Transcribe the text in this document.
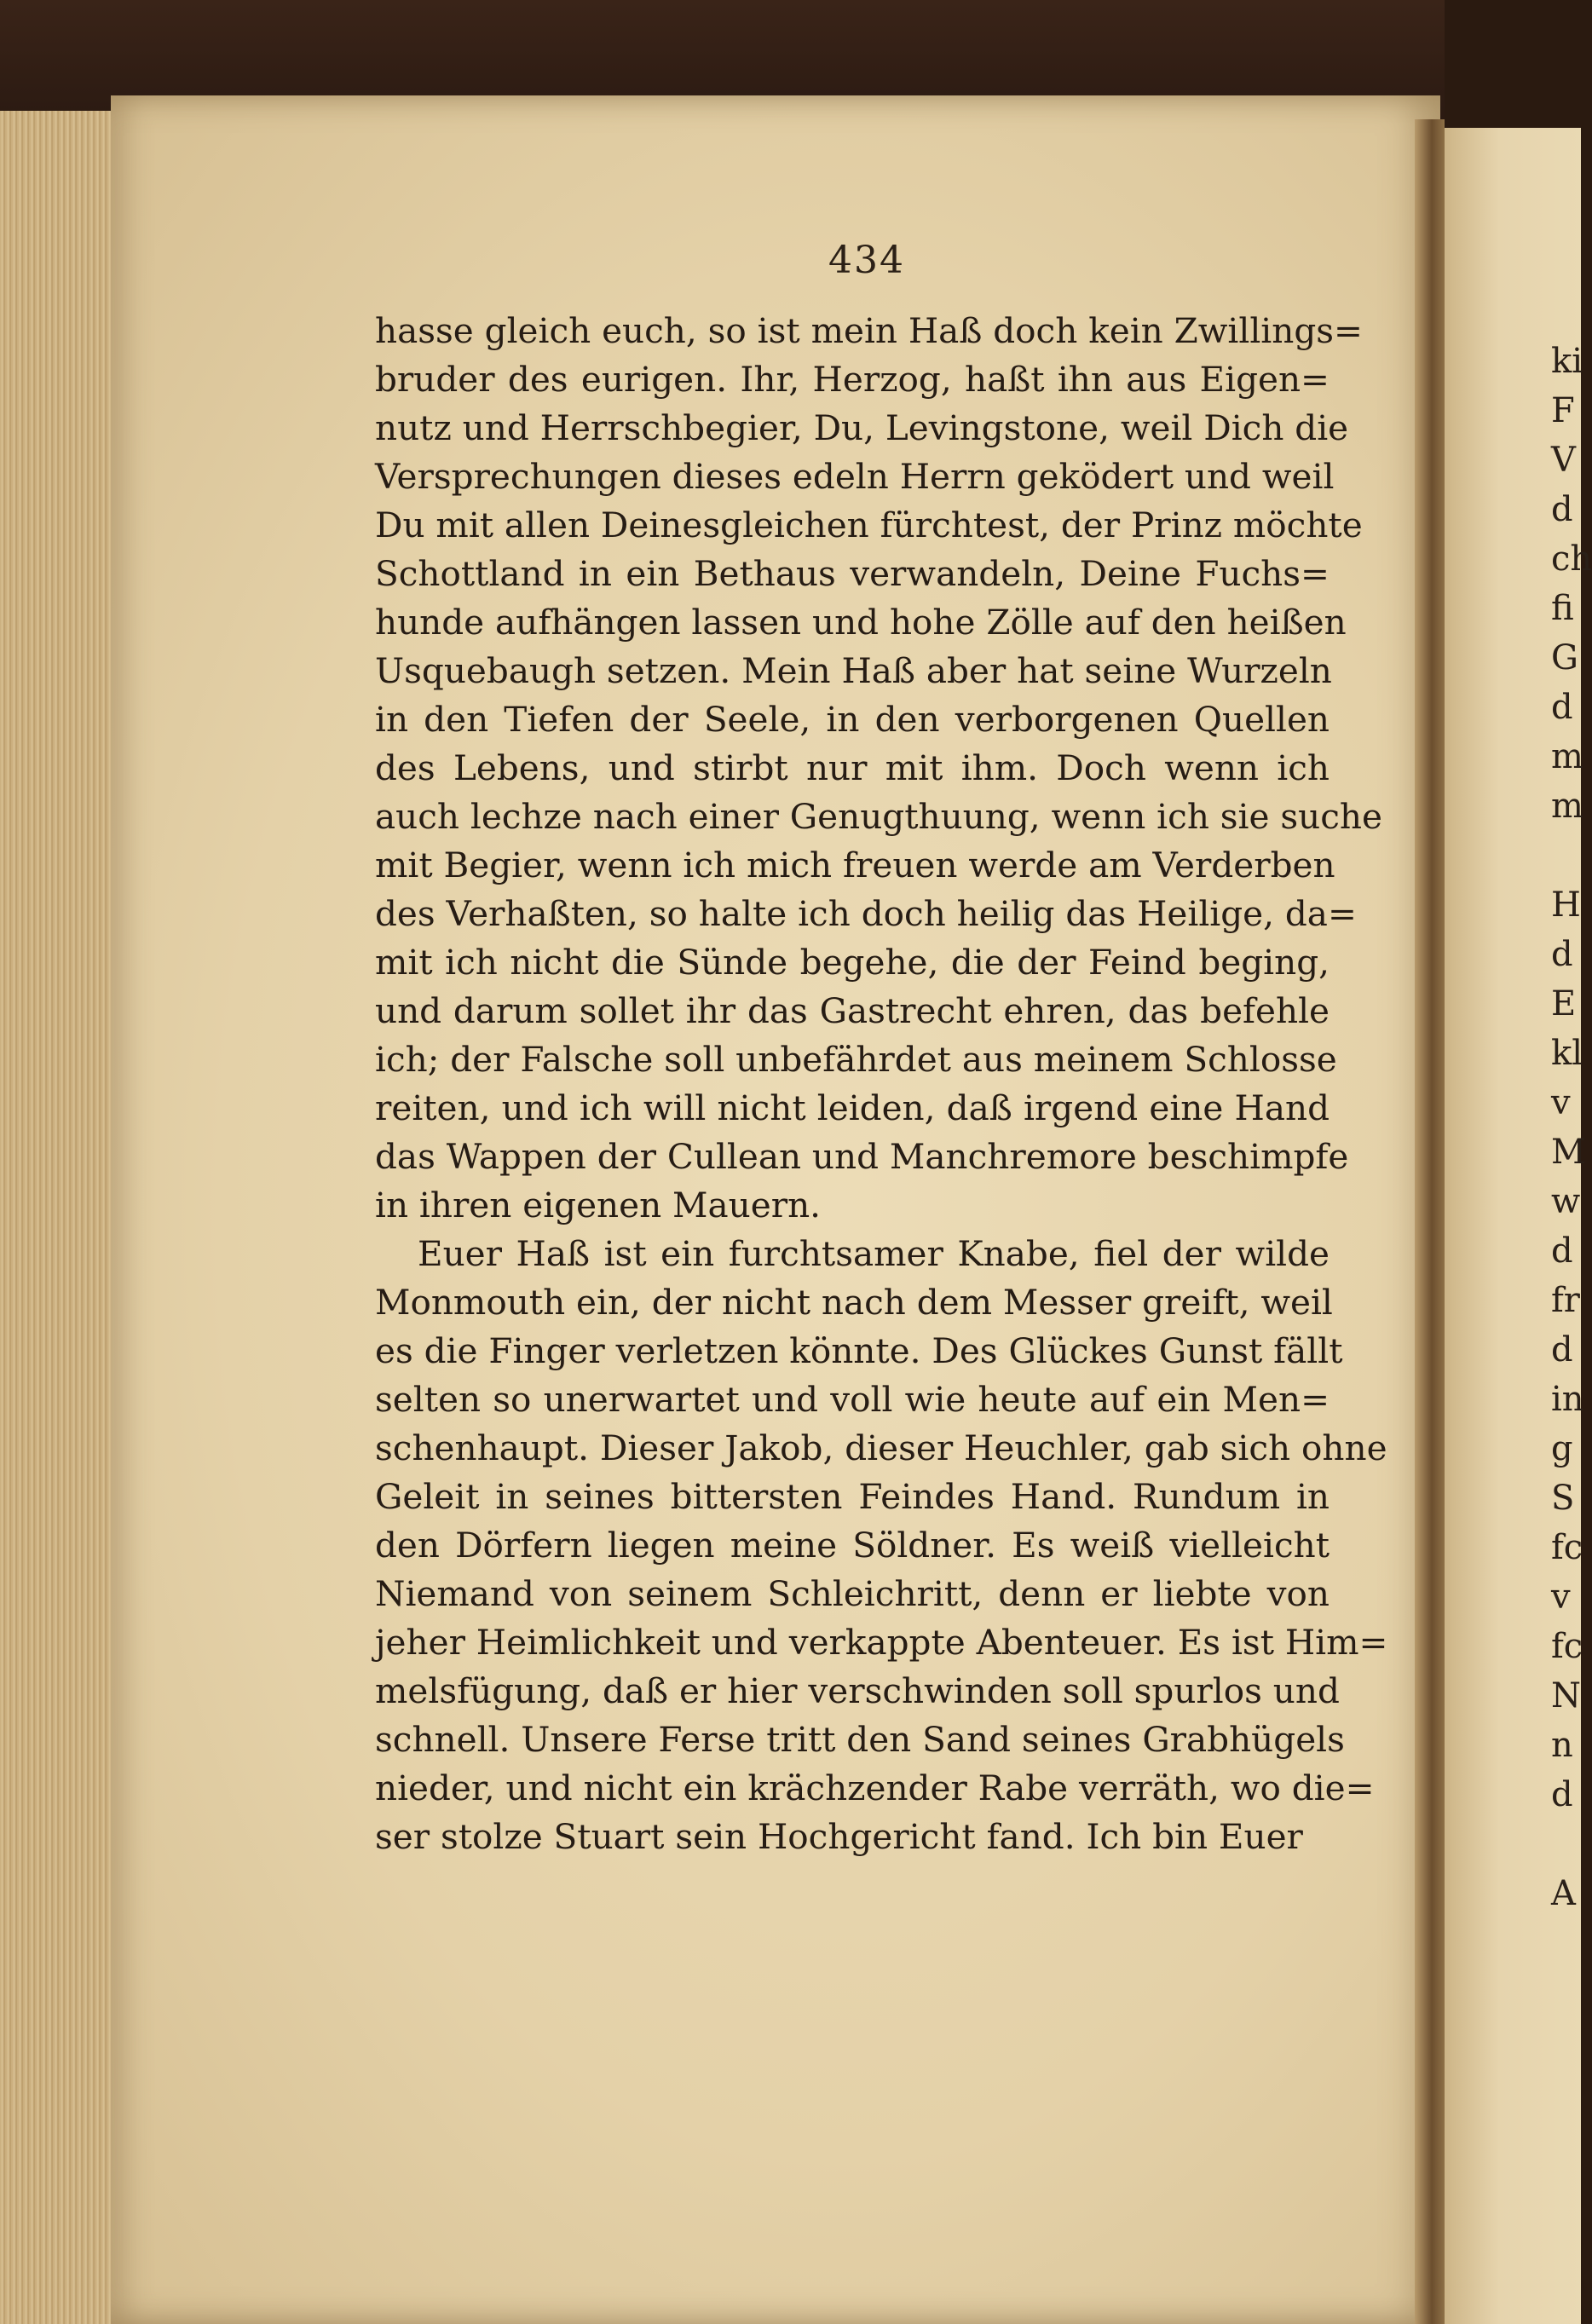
434
hasse gleich euch, so ist mein Haß doch kein Zwillings=
bruder des eurigen. Ihr, Herzog, haßt ihn aus Eigen=
nutz und Herrschbegier, Du, Levingstone, weil Dich die
Versprechungen dieses edeln Herrn geködert und weil
Du mit allen Deinesgleichen fürchtest, der Prinz möchte
Schottland in ein Bethaus verwandeln, Deine Fuchs=
hunde aufhängen lassen und hohe Zölle auf den heißen
Usquebaugh setzen. Mein Haß aber hat seine Wurzeln
in den Tiefen der Seele, in den verborgenen Quellen
des Lebens, und stirbt nur mit ihm. Doch wenn ich
auch lechze nach einer Genugthuung, wenn ich sie suche
mit Begier, wenn ich mich freuen werde am Verderben
des Verhaßten, so halte ich doch heilig das Heilige, da=
mit ich nicht die Sünde begehe, die der Feind beging,
und darum sollet ihr das Gastrecht ehren, das befehle
ich; der Falsche soll unbefährdet aus meinem Schlosse
reiten, und ich will nicht leiden, daß irgend eine Hand
das Wappen der Cullean und Manchremore beschimpfe
in ihren eigenen Mauern.
Euer Haß ist ein furchtsamer Knabe, fiel der wilde
Monmouth ein, der nicht nach dem Messer greift, weil
es die Finger verletzen könnte. Des Glückes Gunst fällt
selten so unerwartet und voll wie heute auf ein Men=
schenhaupt. Dieser Jakob, dieser Heuchler, gab sich ohne
Geleit in seines bittersten Feindes Hand. Rundum in
den Dörfern liegen meine Söldner. Es weiß vielleicht
Niemand von seinem Schleichritt, denn er liebte von
jeher Heimlichkeit und verkappte Abenteuer. Es ist Him=
melsfügung, daß er hier verschwinden soll spurlos und
schnell. Unsere Ferse tritt den Sand seines Grabhügels
nieder, und nicht ein krächzender Rabe verräth, wo die=
ser stolze Stuart sein Hochgericht fand. Ich bin Euer
ki
F
V
d
ch
fi
G
d
m
m
H
d
E
kl
v
M
w
d
fr
d
in
g
S
fc
v
fc
N
n
d
A
